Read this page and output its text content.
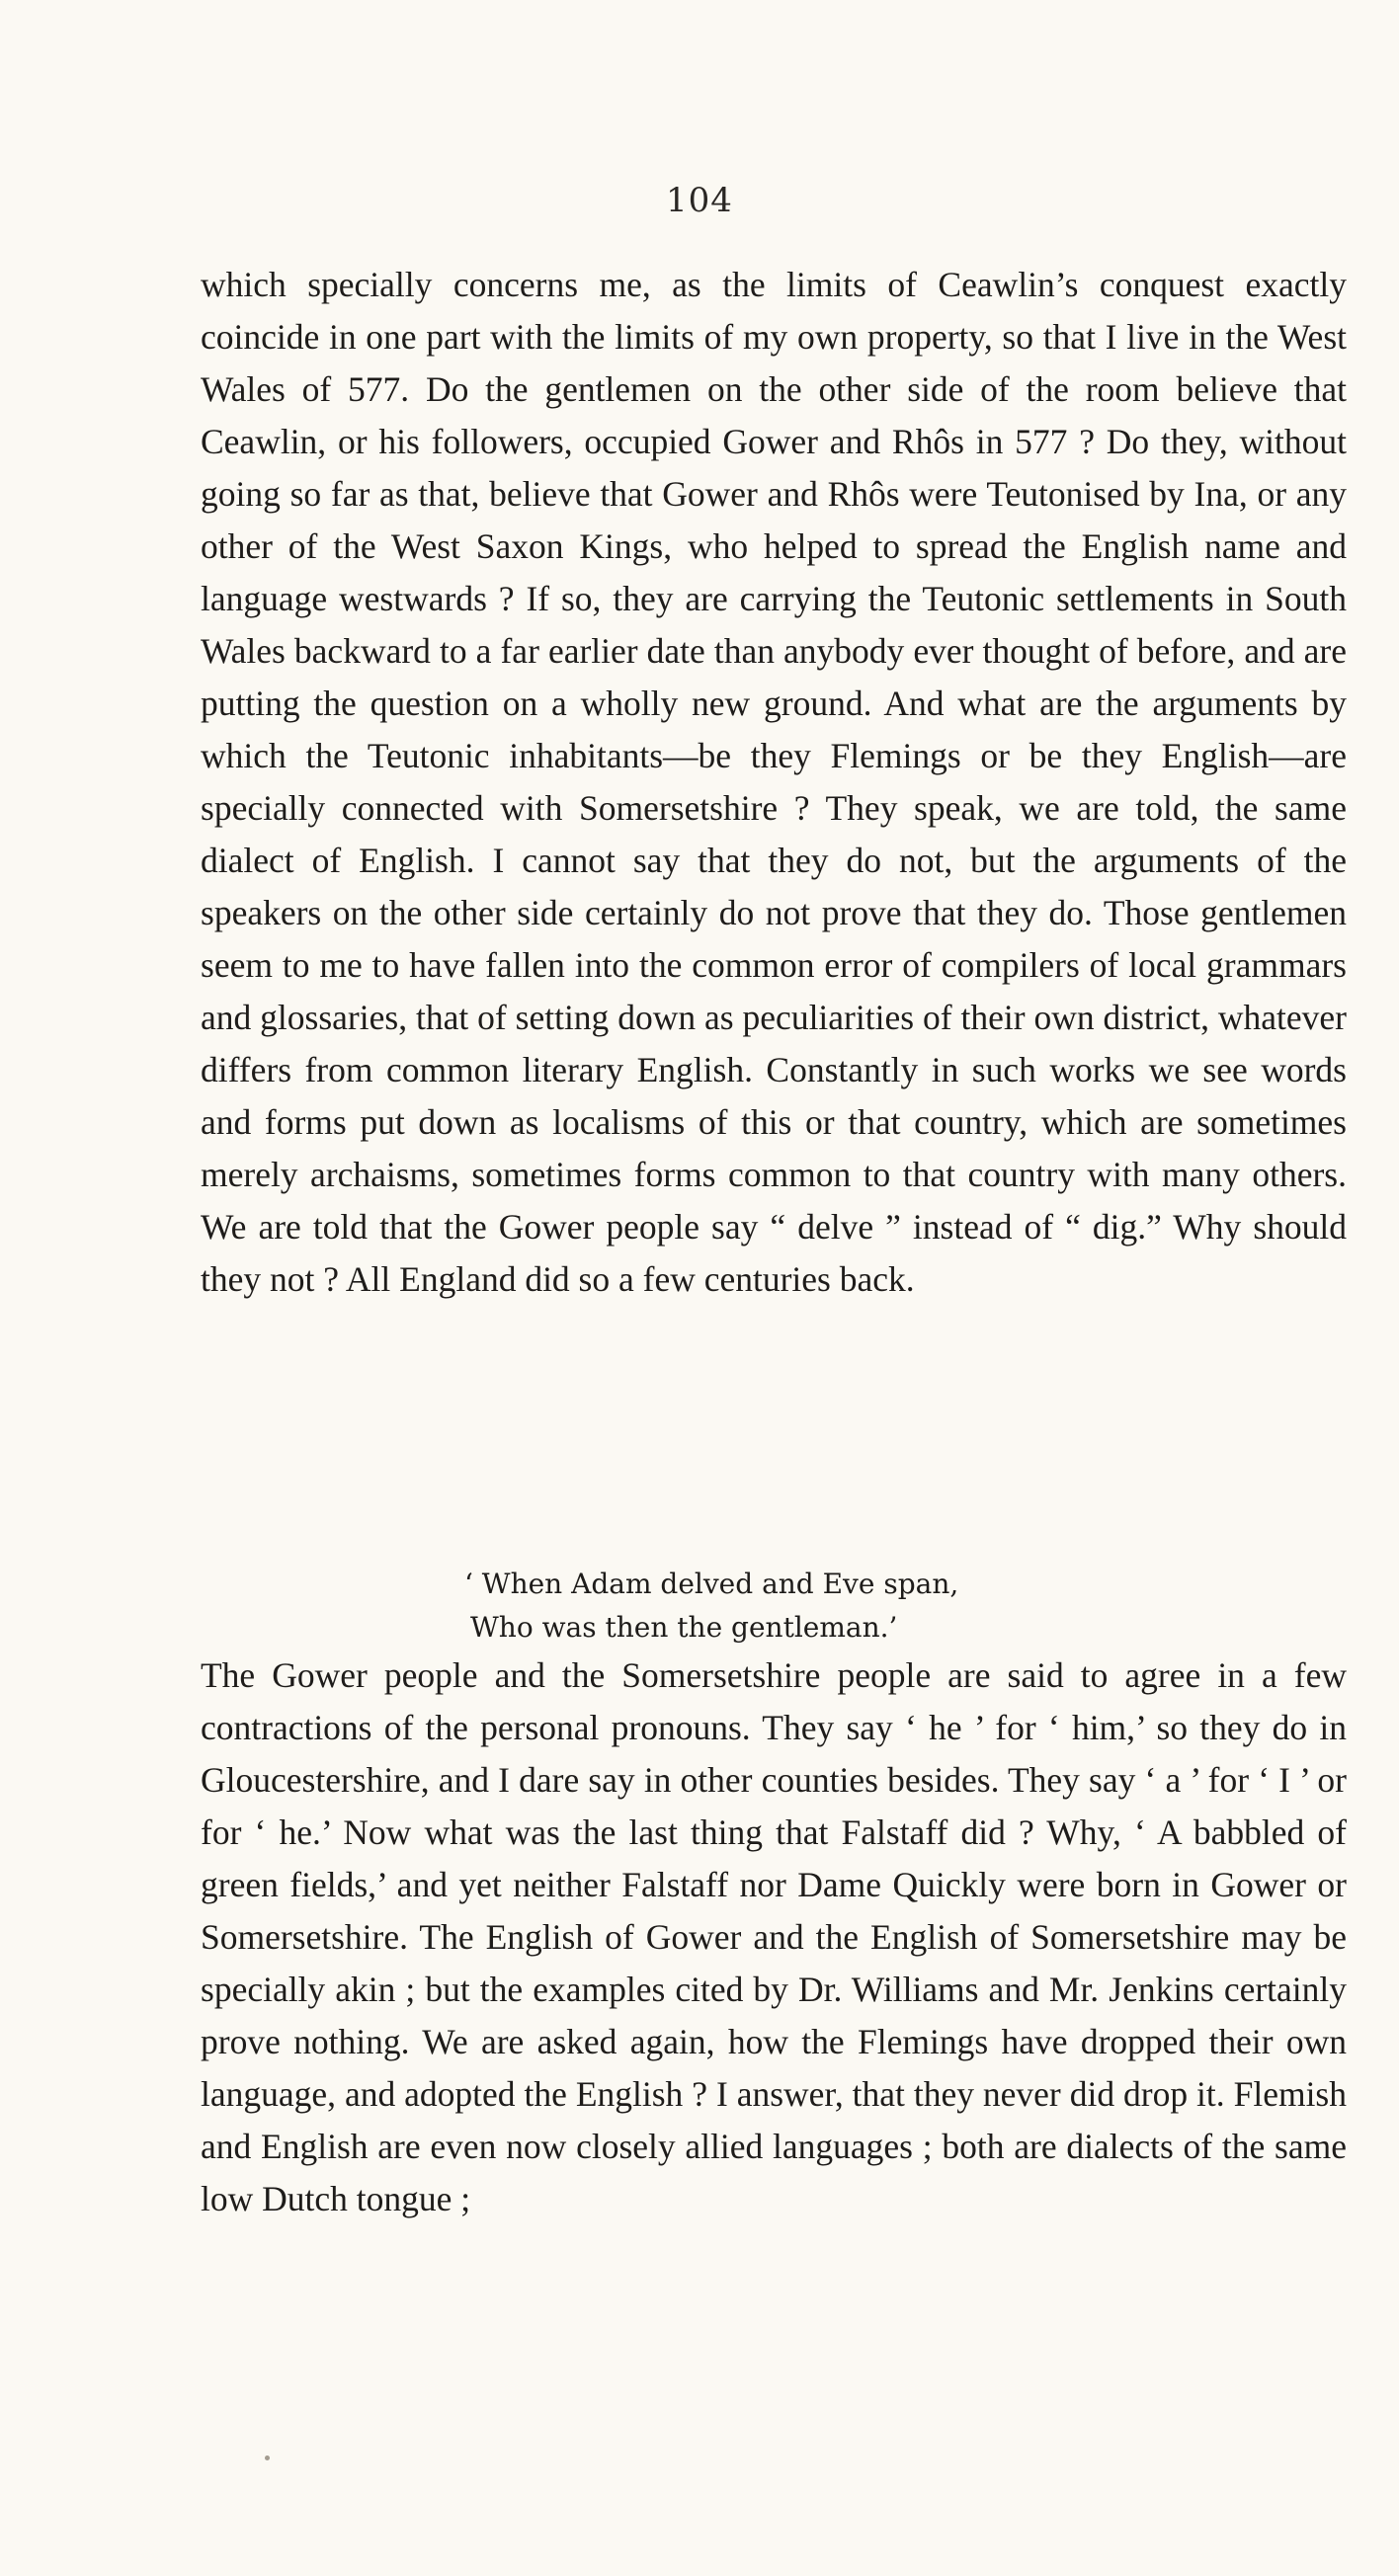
104

which specially concerns me, as the limits of Ceawlin’s conquest exactly coincide in one part with the limits of my own property, so that I live in the West Wales of 577. Do the gentlemen on the other side of the room believe that Ceawlin, or his followers, occupied Gower and Rhôs in 577 ? Do they, without going so far as that, believe that Gower and Rhôs were Teutonised by Ina, or any other of the West Saxon Kings, who helped to spread the English name and language westwards ? If so, they are carrying the Teutonic settlements in South Wales backward to a far earlier date than anybody ever thought of before, and are putting the question on a wholly new ground. And what are the arguments by which the Teutonic inhabitants—be they Flemings or be they English—are specially connected with Somersetshire ? They speak, we are told, the same dialect of English. I cannot say that they do not, but the arguments of the speakers on the other side certainly do not prove that they do. Those gentlemen seem to me to have fallen into the common error of compilers of local grammars and glossaries, that of setting down as peculiarities of their own district, whatever differs from common literary English. Constantly in such works we see words and forms put down as localisms of this or that country, which are sometimes merely archaisms, sometimes forms common to that country with many others. We are told that the Gower people say “ delve ” instead of “ dig.” Why should they not ? All England did so a few centuries back.

‘ When Adam delved and Eve span,
Who was then the gentleman.’

The Gower people and the Somersetshire people are said to agree in a few contractions of the personal pronouns. They say ‘ he ’ for ‘ him,’ so they do in Gloucestershire, and I dare say in other counties besides. They say ‘ a ’ for ‘ I ’ or for ‘ he.’ Now what was the last thing that Falstaff did ? Why, ‘ A babbled of green fields,’ and yet neither Falstaff nor Dame Quickly were born in Gower or Somersetshire. The English of Gower and the English of Somersetshire may be specially akin ; but the examples cited by Dr. Williams and Mr. Jenkins certainly prove nothing. We are asked again, how the Flemings have dropped their own language, and adopted the English ? I answer, that they never did drop it. Flemish and English are even now closely allied languages ; both are dialects of the same low Dutch tongue ;
